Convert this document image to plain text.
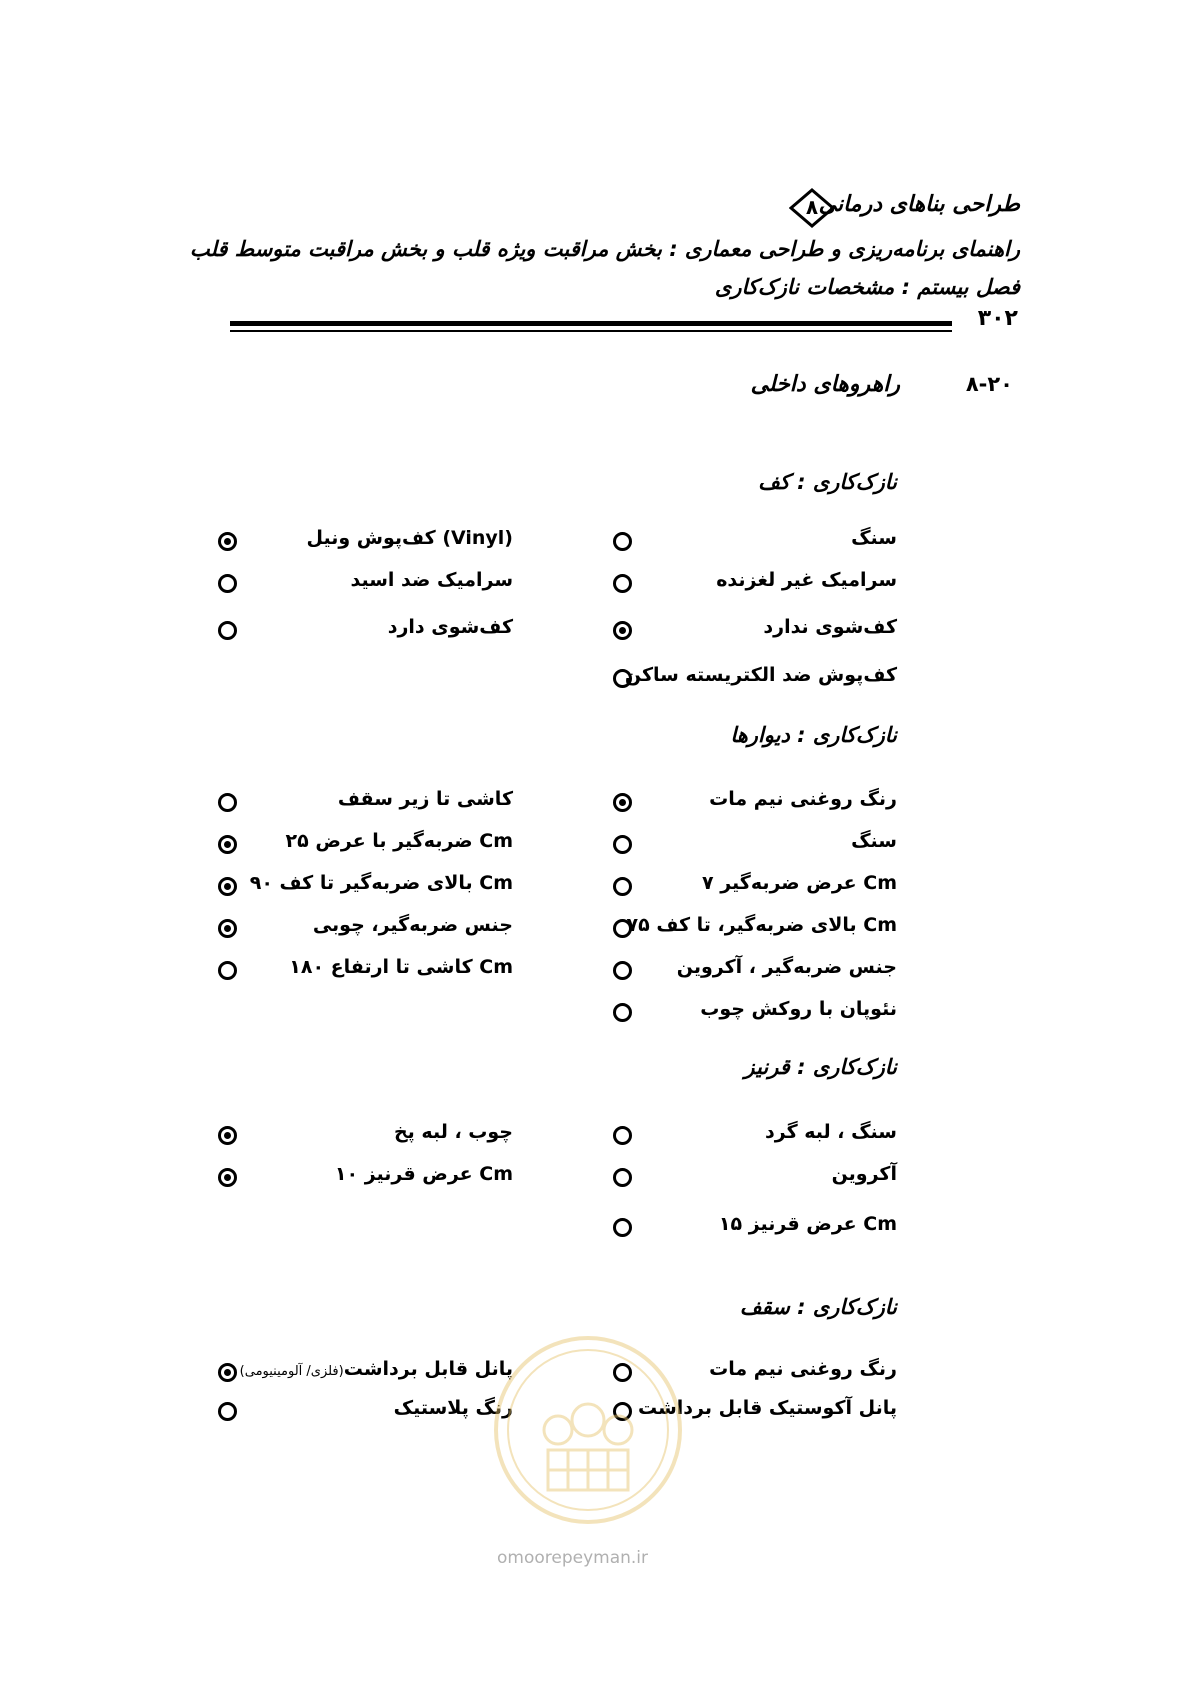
طراحی بناهای درمانی
۸
راهنمای برنامه‌ریزی و طراحی معماری : بخش مراقبت ویژه قلب و بخش مراقبت متوسط قلب
فصل بیستم : مشخصات نازک‌کاری
۳۰۲
۸-۲۰
راهروهای داخلی
نازک‌کاری : کف
سنگ
کف‌پوش ونیل (Vinyl)
سرامیک غیر لغزنده
سرامیک ضد اسید
کف‌شوی ندارد
کف‌شوی دارد
کف‌پوش ضد الکتریسته ساکن
نازک‌کاری : دیوارها
رنگ روغنی نیم مات
کاشی تا زیر سقف
سنگ
ضربه‌گیر با عرض ۲۵ Cm
عرض ضربه‌گیر ۷ Cm
بالای ضربه‌گیر تا کف ۹۰ Cm
بالای ضربه‌گیر، تا کف ۷۵ Cm
جنس ضربه‌گیر، چوبی
جنس ضربه‌گیر ، آکروین
کاشی تا ارتفاع ۱۸۰ Cm
نئوپان با روکش چوب
نازک‌کاری : قرنیز
سنگ ، لبه گرد
چوب ، لبه پخ
آکروین
عرض قرنیز ۱۰ Cm
عرض قرنیز ۱۵ Cm
نازک‌کاری : سقف
رنگ روغنی نیم مات
پانل قابل برداشت(فلزی/ آلومینیومی)
پانل آکوستیک قابل برداشت
رنگ پلاستیک
omoorepeyman.ir
